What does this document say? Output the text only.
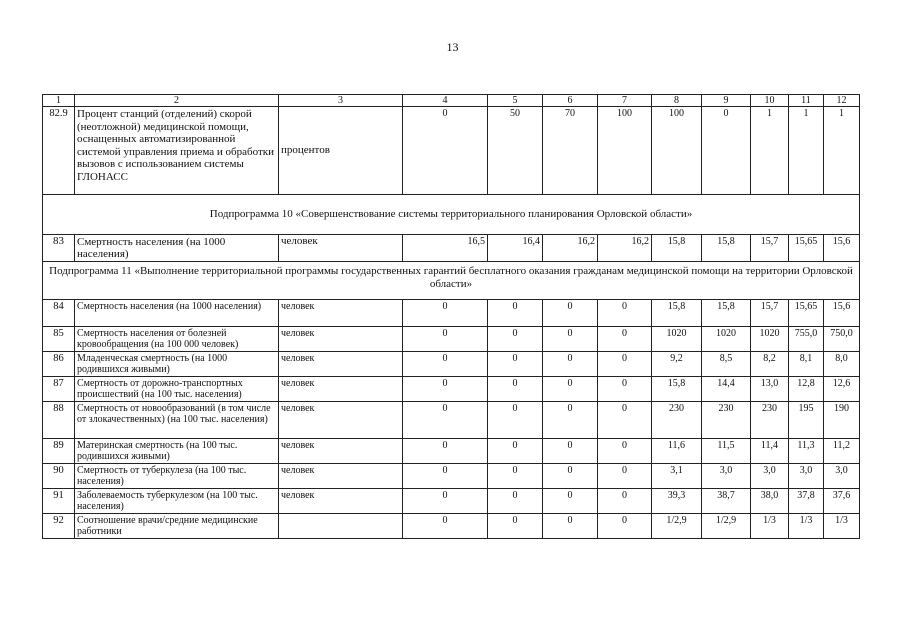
13
1	2	3	4	5	6	7	8	9	10	11	12
82.9	Процент станций (отделений) скорой (неотложной) медицинской помощи, оснащенных автоматизированной системой управления приема и обработки вызовов с использованием системы ГЛОНАСС	процентов	0	50	70	100	100	0	1	1	1
Подпрограмма 10 «Совершенствование системы территориального планирования Орловской области»											
83	Смертность населения (на 1000 населения)	человек	16,5	16,4	16,2	16,2	15,8	15,8	15,7	15,65	15,6
Подпрограмма 11 «Выполнение территориальной программы государственных гарантий бесплатного оказания гражданам медицинской помощи на территории Орловской области»											
84	Смертность населения (на 1000 населения)	человек	0	0	0	0	15,8	15,8	15,7	15,65	15,6
85	Смертность населения от болезней кровообращения (на 100 000 человек)	человек	0	0	0	0	1020	1020	1020	755,0	750,0
86	Младенческая смертность (на 1000 родившихся живыми)	человек	0	0	0	0	9,2	8,5	8,2	8,1	8,0
87	Смертность от дорожно-транспортных происшествий (на 100 тыс. населения)	человек	0	0	0	0	15,8	14,4	13,0	12,8	12,6
88	Смертность от новообразований (в том числе от злокачественных) (на 100 тыс. населения)	человек	0	0	0	0	230	230	230	195	190
89	Материнская смертность (на 100 тыс. родившихся живыми)	человек	0	0	0	0	11,6	11,5	11,4	11,3	11,2
90	Смертность от туберкулеза (на 100 тыс. населения)	человек	0	0	0	0	3,1	3,0	3,0	3,0	3,0
91	Заболеваемость туберкулезом (на 100 тыс. населения)	человек	0	0	0	0	39,3	38,7	38,0	37,8	37,6
92	Соотношение врачи/средние медицинские работники		0	0	0	0	1/2,9	1/2,9	1/3	1/3	1/3
